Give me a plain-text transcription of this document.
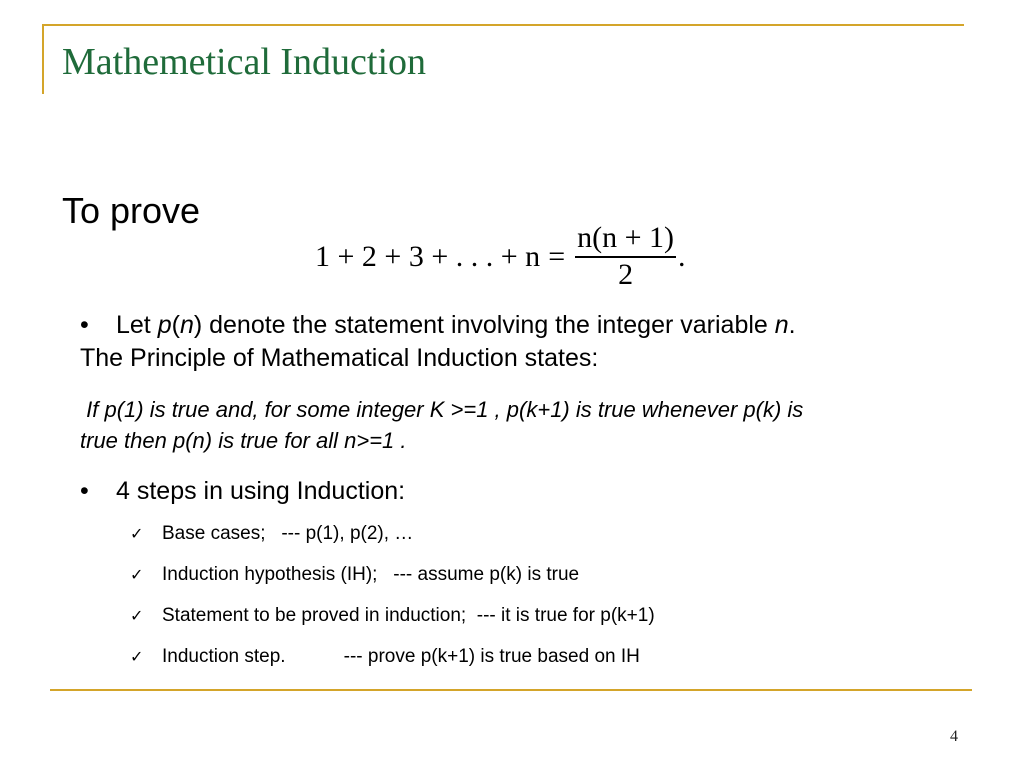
Mathemetical Induction
To prove
1 + 2 + 3 + . . . + $n = \frac{n(n + 1)}{2}$ .
• Let p(n) denote the statement involving the integer variable n. The Principle of Mathematical Induction states:
If p(1) is true and, for some integer K >=1 , p(k+1) is true whenever p(k) is true then p(n) is true for all n>=1 .
• 4 steps in using Induction:
✓ Base cases;   --- p(1), p(2), …
✓ Induction hypothesis (IH);   --- assume p(k) is true
✓ Statement to be proved in induction;  --- it is true for p(k+1)
✓ Induction step.           --- prove p(k+1) is true based on IH
4
